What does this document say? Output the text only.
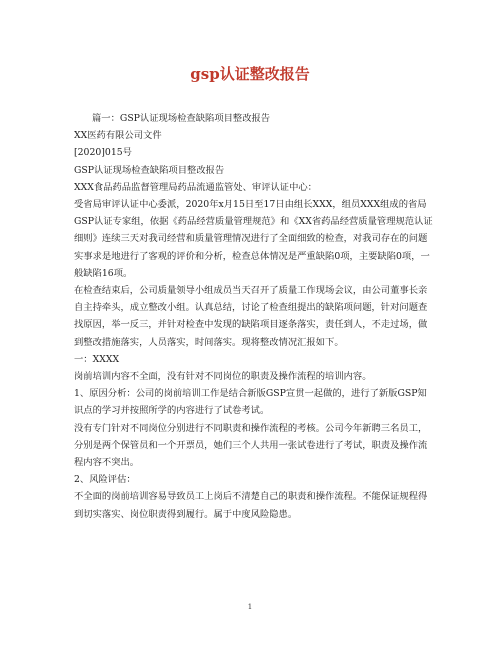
gsp认证整改报告

篇一：GSP认证现场检查缺陷项目整改报告

XX医药有限公司文件

[2020]015号

GSP认证现场检查缺陷项目整改报告

XXX食品药品监督管理局药品流通监管处、审评认证中心：

受省局审评认证中心委派，2020年x月15日至17日由组长XXX，组员XXX组成的省局GSP认证专家组，依据《药品经营质量管理规范》和《XX省药品经营质量管理规范认证细则》连续三天对我司经营和质量管理情况进行了全面细致的检查，对我司存在的问题实事求是地进行了客观的评价和分析，检查总体情况是严重缺陷0项，主要缺陷0项，一般缺陷16项。

在检查结束后，公司质量领导小组成员当天召开了质量工作现场会议，由公司董事长亲自主持牵头，成立整改小组。认真总结，讨论了检查组提出的缺陷项问题，针对问题查找原因，举一反三，并针对检查中发现的缺陷项目逐条落实，责任到人，不走过场，做到整改措施落实，人员落实，时间落实。现将整改情况汇报如下。

一：XXXX

岗前培训内容不全面，没有针对不同岗位的职责及操作流程的培训内容。

1、原因分析：公司的岗前培训工作是结合新版GSP宣贯一起做的，进行了新版GSP知识点的学习并按照所学的内容进行了试卷考试。

没有专门针对不同岗位分别进行不同职责和操作流程的考核。公司今年新聘三名员工，分别是两个保管员和一个开票员，她们三个人共用一张试卷进行了考试，职责及操作流程内容不突出。

2、风险评估：

不全面的岗前培训容易导致员工上岗后不清楚自己的职责和操作流程。不能保证规程得到切实落实、岗位职责得到履行。属于中度风险隐患。

1
